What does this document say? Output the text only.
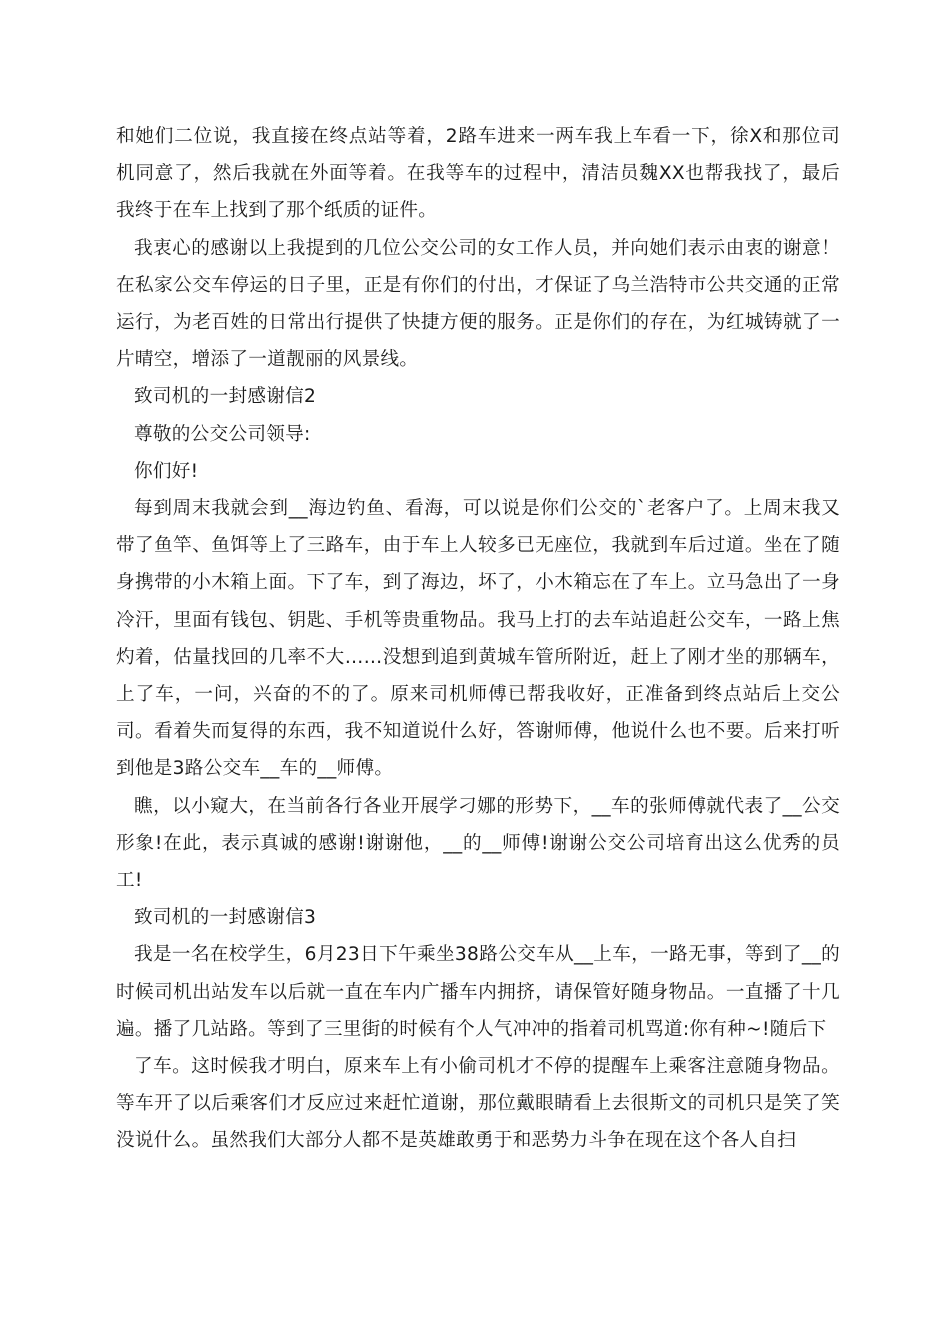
和她们二位说，我直接在终点站等着，2路车进来一两车我上车看一下，徐X和那位司机同意了，然后我就在外面等着。在我等车的过程中，清洁员魏XX也帮我找了，最后我终于在车上找到了那个纸质的证件。

我衷心的感谢以上我提到的几位公交公司的女工作人员，并向她们表示由衷的谢意！在私家公交车停运的日子里，正是有你们的付出，才保证了乌兰浩特市公共交通的正常运行，为老百姓的日常出行提供了快捷方便的服务。正是你们的存在，为红城铸就了一片晴空，增添了一道靓丽的风景线。

致司机的一封感谢信2

尊敬的公交公司领导:

你们好!

每到周末我就会到__海边钓鱼、看海，可以说是你们公交的`老客户了。上周末我又带了鱼竿、鱼饵等上了三路车，由于车上人较多已无座位，我就到车后过道。坐在了随身携带的小木箱上面。下了车，到了海边，坏了，小木箱忘在了车上。立马急出了一身冷汗，里面有钱包、钥匙、手机等贵重物品。我马上打的去车站追赶公交车，一路上焦灼着，估量找回的几率不大……没想到追到黄城车管所附近，赶上了刚才坐的那辆车，上了车，一问，兴奋的不的了。原来司机师傅已帮我收好，正准备到终点站后上交公司。看着失而复得的东西，我不知道说什么好，答谢师傅，他说什么也不要。后来打听到他是3路公交车__车的__师傅。

瞧，以小窥大，在当前各行各业开展学刁娜的形势下，__车的张师傅就代表了__公交形象!在此，表示真诚的感谢!谢谢他，__的__师傅!谢谢公交公司培育出这么优秀的员工!

致司机的一封感谢信3

我是一名在校学生，6月23日下午乘坐38路公交车从__上车，一路无事，等到了__的时候司机出站发车以后就一直在车内广播车内拥挤，请保管好随身物品。一直播了十几遍。播了几站路。等到了三里街的时候有个人气冲冲的指着司机骂道:你有种~!随后下

了车。这时候我才明白，原来车上有小偷司机才不停的提醒车上乘客注意随身物品。等车开了以后乘客们才反应过来赶忙道谢，那位戴眼睛看上去很斯文的司机只是笑了笑没说什么。虽然我们大部分人都不是英雄敢勇于和恶势力斗争在现在这个各人自扫
